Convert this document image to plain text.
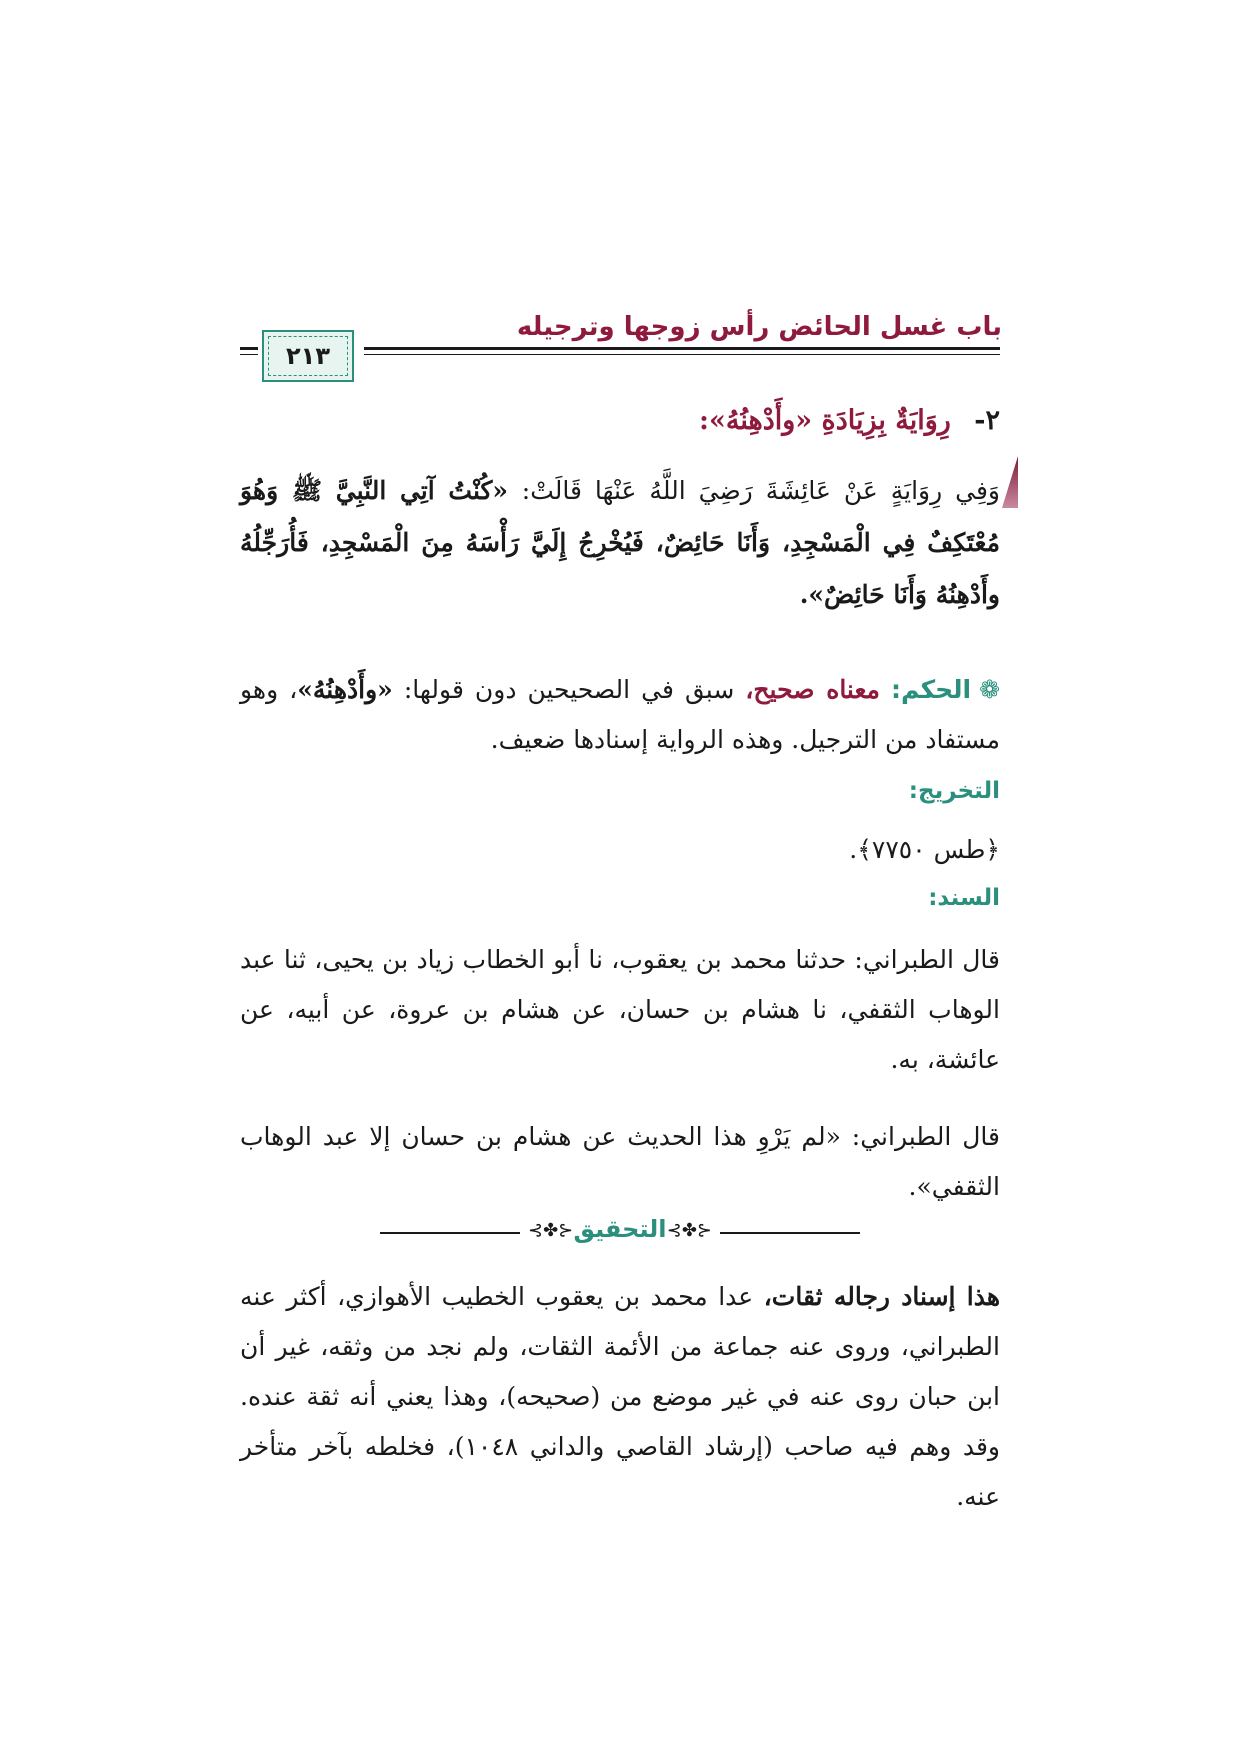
باب غسل الحائض رأس زوجها وترجيله
٢١٣
٢- رِوَايَةٌ بِزِيَادَةِ «وأَدْهِنُهُ»:
وَفِي رِوَايَةٍ عَنْ عَائِشَةَ رَضِيَ اللَّهُ عَنْهَا قَالَتْ: «كُنْتُ آتِي النَّبِيَّ ﷺ وَهُوَ مُعْتَكِفٌ فِي الْمَسْجِدِ، وَأَنَا حَائِضٌ، فَيُخْرِجُ إِلَيَّ رَأْسَهُ مِنَ الْمَسْجِدِ، فَأُرَجِّلُهُ وأَدْهِنُهُ وَأَنَا حَائِضٌ».
❁الحكم: معناه صحيح، سبق في الصحيحين دون قولها: «وأَدْهِنُهُ»، وهو مستفاد من الترجيل. وهذه الرواية إسنادها ضعيف.
التخريج:
﴿طس ٧٧٥٠﴾.
السند:
قال الطبراني: حدثنا محمد بن يعقوب، نا أبو الخطاب زياد بن يحيى، ثنا عبد الوهاب الثقفي، نا هشام بن حسان، عن هشام بن عروة، عن أبيه، عن عائشة، به.
قال الطبراني: «لم يَرْوِ هذا الحديث عن هشام بن حسان إلا عبد الوهاب الثقفي».
⊰✤⊱ التحقيق ⊰✤⊱
هذا إسناد رجاله ثقات، عدا محمد بن يعقوب الخطيب الأهوازي، أكثر عنه الطبراني، وروى عنه جماعة من الأئمة الثقات، ولم نجد من وثقه، غير أن ابن حبان روى عنه في غير موضع من (صحيحه)، وهذا يعني أنه ثقة عنده. وقد وهم فيه صاحب (إرشاد القاصي والداني ١٠٤٨)، فخلطه بآخر متأخر عنه.
